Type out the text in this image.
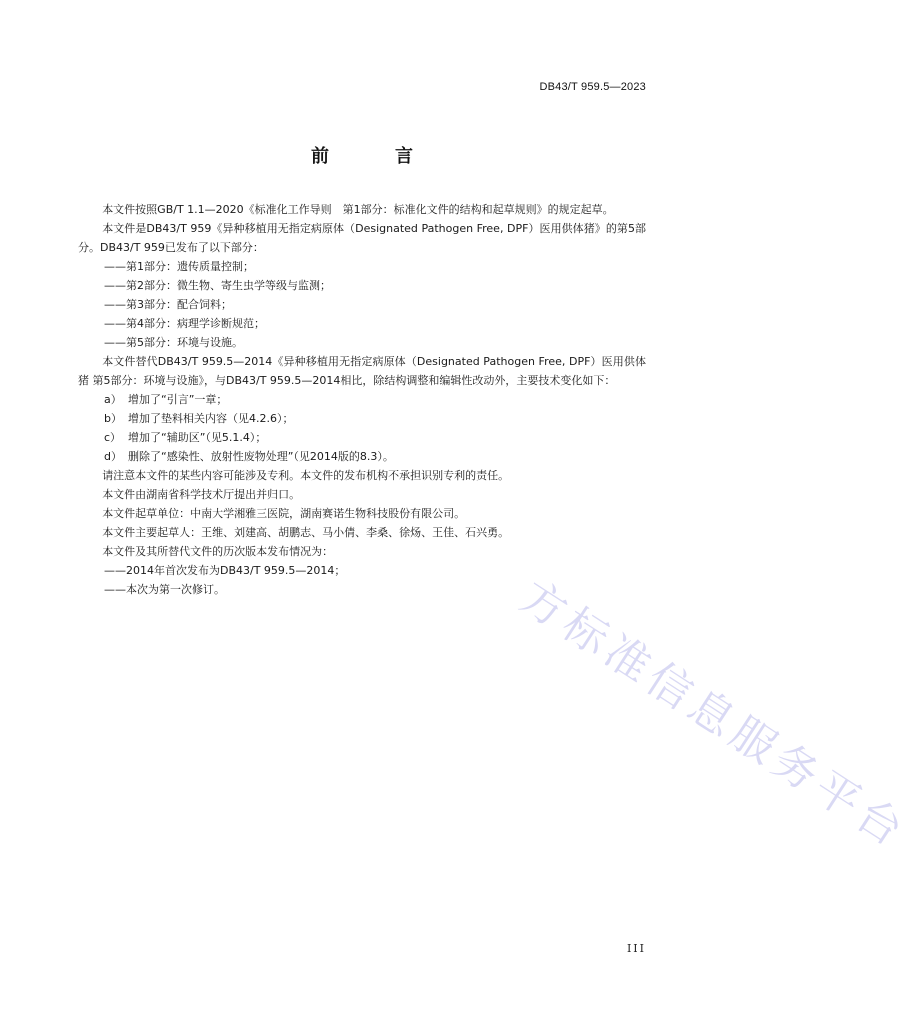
DB43/T 959.5—2023
前　言

本文件按照GB/T 1.1—2020《标准化工作导则　第1部分：标准化文件的结构和起草规则》的规定起草。

本文件是DB43/T 959《异种移植用无指定病原体（Designated Pathogen Free, DPF）医用供体猪》的第5部分。DB43/T 959已发布了以下部分：

——第1部分：遗传质量控制；

——第2部分：微生物、寄生虫学等级与监测；

——第3部分：配合饲料；

——第4部分：病理学诊断规范；

——第5部分：环境与设施。

本文件替代DB43/T 959.5—2014《异种移植用无指定病原体（Designated Pathogen Free, DPF）医用供体猪 第5部分：环境与设施》，与DB43/T 959.5—2014相比，除结构调整和编辑性改动外，主要技术变化如下：

a） 增加了“引言”一章；

b） 增加了垫料相关内容（见4.2.6）；

c） 增加了“辅助区”（见5.1.4）；

d） 删除了“感染性、放射性废物处理”（见2014版的8.3）。

请注意本文件的某些内容可能涉及专利。本文件的发布机构不承担识别专利的责任。

本文件由湖南省科学技术厅提出并归口。

本文件起草单位：中南大学湘雅三医院，湖南赛诺生物科技股份有限公司。

本文件主要起草人：王维、刘建高、胡鹏志、马小倩、李桑、徐炀、王佳、石兴勇。

本文件及其所替代文件的历次版本发布情况为：

——2014年首次发布为DB43/T 959.5—2014；

——本次为第一次修订。	方标准信息服务平台
III
